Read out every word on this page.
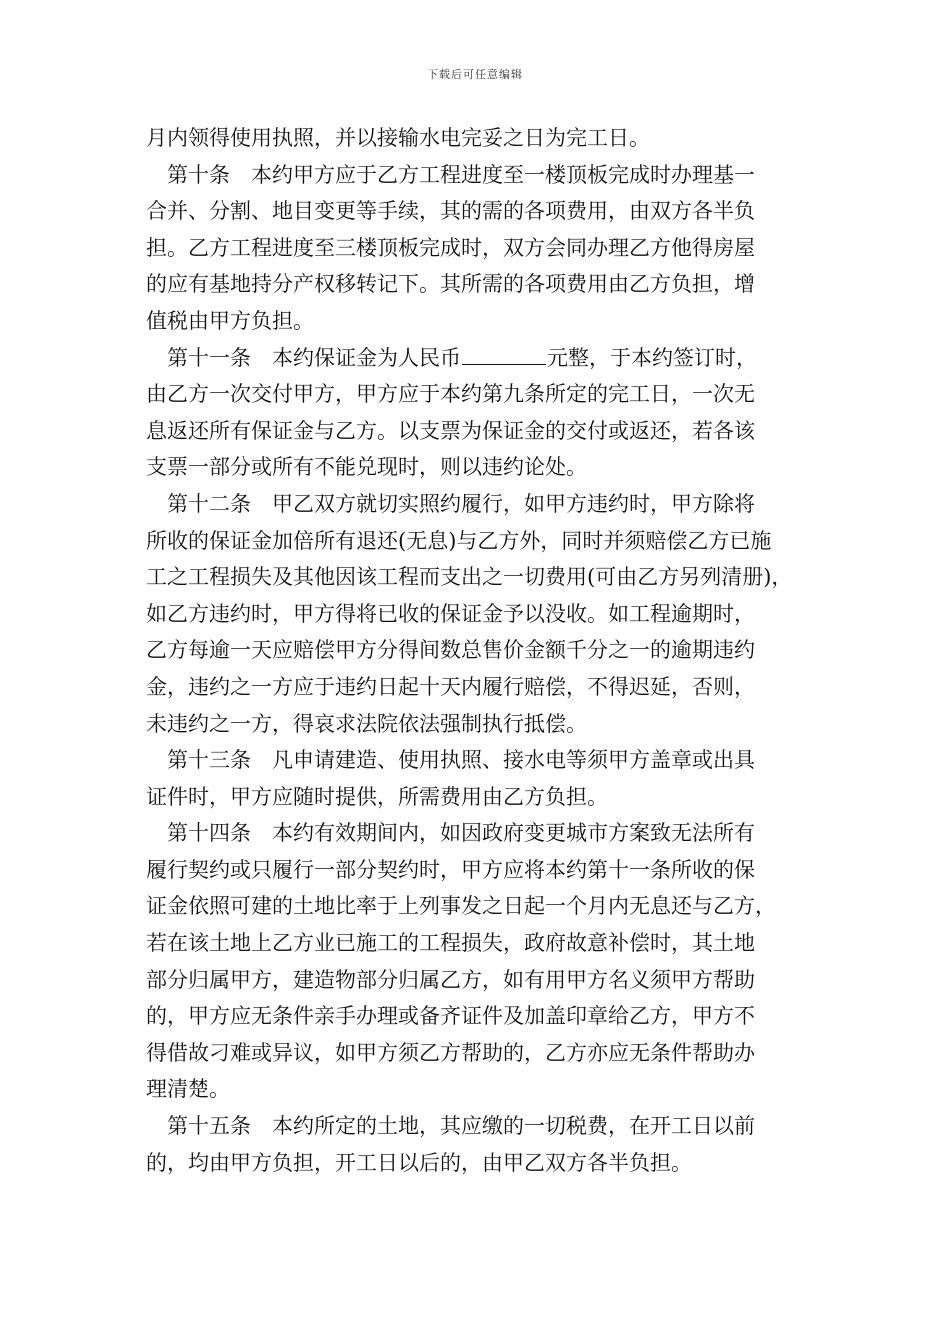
下载后可任意编辑
月内领得使用执照，并以接输水电完妥之日为完工日。
第十条　本约甲方应于乙方工程进度至一楼顶板完成时办理基一
合并、分割、地目变更等手续，其的需的各项费用，由双方各半负
担。乙方工程进度至三楼顶板完成时，双方会同办理乙方他得房屋
的应有基地持分产权移转记下。其所需的各项费用由乙方负担，增
值税由甲方负担。
第十一条　本约保证金为人民币	元整，于本约签订时，
由乙方一次交付甲方，甲方应于本约第九条所定的完工日，一次无
息返还所有保证金与乙方。以支票为保证金的交付或返还，若各该
支票一部分或所有不能兑现时，则以违约论处。
第十二条　甲乙双方就切实照约履行，如甲方违约时，甲方除将
所收的保证金加倍所有退还(无息)与乙方外，同时并须赔偿乙方已施
工之工程损失及其他因该工程而支出之一切费用(可由乙方另列清册)，
如乙方违约时，甲方得将已收的保证金予以没收。如工程逾期时，
乙方每逾一天应赔偿甲方分得间数总售价金额千分之一的逾期违约
金，违约之一方应于违约日起十天内履行赔偿，不得迟延，否则，
未违约之一方，得哀求法院依法强制执行抵偿。
第十三条　凡申请建造、使用执照、接水电等须甲方盖章或出具
证件时，甲方应随时提供，所需费用由乙方负担。
第十四条　本约有效期间内，如因政府变更城市方案致无法所有
履行契约或只履行一部分契约时，甲方应将本约第十一条所收的保
证金依照可建的土地比率于上列事发之日起一个月内无息还与乙方，
若在该土地上乙方业已施工的工程损失，政府故意补偿时，其土地
部分归属甲方，建造物部分归属乙方，如有用甲方名义须甲方帮助
的，甲方应无条件亲手办理或备齐证件及加盖印章给乙方，甲方不
得借故刁难或异议，如甲方须乙方帮助的，乙方亦应无条件帮助办
理清楚。
第十五条　本约所定的土地，其应缴的一切税费，在开工日以前
的，均由甲方负担，开工日以后的，由甲乙双方各半负担。
